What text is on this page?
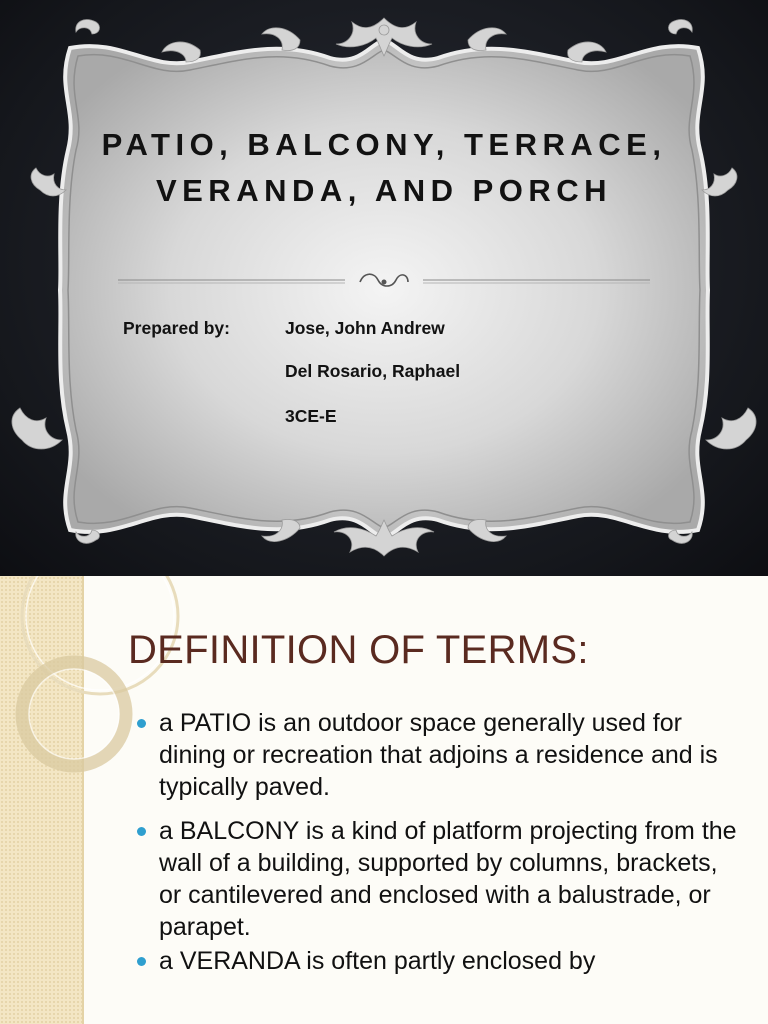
PATIO, BALCONY, TERRACE,
VERANDA, AND PORCH
Prepared by:	Jose, John Andrew
Del Rosario, Raphael
3CE-E
DEFINITION OF TERMS:
a PATIO is an outdoor space generally used for dining or recreation that adjoins a residence and is typically paved.
a BALCONY is a kind of platform projecting from the wall of a building, supported by columns, brackets, or cantilevered and enclosed with a balustrade, or parapet.
a VERANDA is often partly enclosed by
